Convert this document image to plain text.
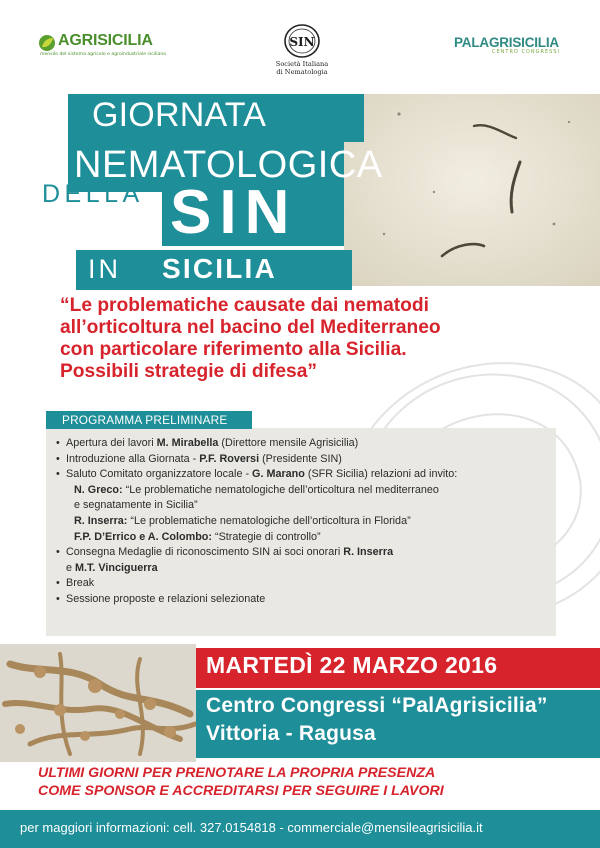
AGRISICILIA
mensile del sistema agricolo e agroindustriale siciliano
SIN
Società Italiana
di Nematologia
PALAGRISICILIA
CENTRO CONGRESSI
GIORNATA
NEMATOLOGICA
DELLA SIN
IN SICILIA
“Le problematiche causate dai nematodi
all’orticoltura nel bacino del Mediterraneo
con particolare riferimento alla Sicilia.
Possibili strategie di difesa”
PROGRAMMA PRELIMINARE
• Apertura dei lavori M. Mirabella (Direttore mensile Agrisicilia)
• Introduzione alla Giornata - P.F. Roversi (Presidente SIN)
• Saluto Comitato organizzatore locale - G. Marano (SFR Sicilia) relazioni ad invito:
N. Greco: “Le problematiche nematologiche dell’orticoltura nel mediterraneo
e segnatamente in Sicilia”
R. Inserra: “Le problematiche nematologiche dell’orticoltura in Florida”
F.P. D’Errico e A. Colombo: “Strategie di controllo”
• Consegna Medaglie di riconoscimento SIN ai soci onorari R. Inserra
e M.T. Vinciguerra
• Break
• Sessione proposte e relazioni selezionate
MARTEDÌ 22 MARZO 2016
Centro Congressi “PalAgrisicilia”
Vittoria - Ragusa
ULTIMI GIORNI PER PRENOTARE LA PROPRIA PRESENZA
COME SPONSOR E ACCREDITARSI PER SEGUIRE I LAVORI
per maggiori informazioni: cell. 327.0154818 - commerciale@mensileagrisicilia.it
